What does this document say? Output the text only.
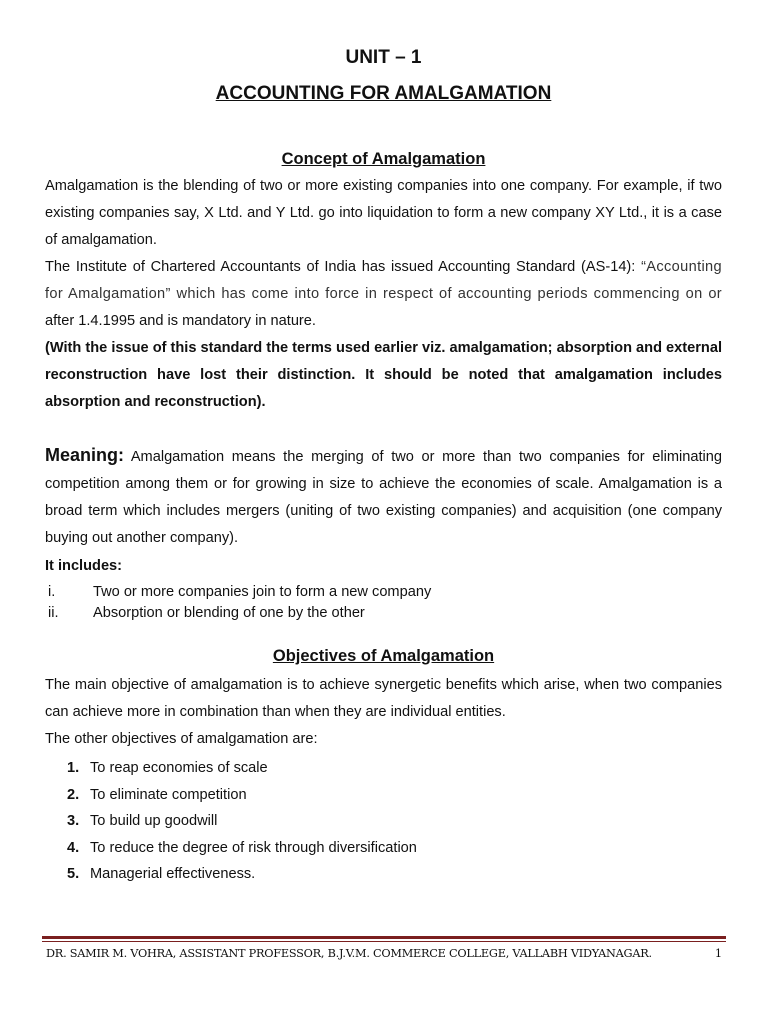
UNIT – 1
ACCOUNTING FOR AMALGAMATION
Concept of Amalgamation

Amalgamation is the blending of two or more existing companies into one company. For example, if two existing companies say, X Ltd. and Y Ltd. go into liquidation to form a new company XY Ltd., it is a case of amalgamation.

The Institute of Chartered Accountants of India has issued Accounting Standard (AS-14): “Accounting for Amalgamation” which has come into force in respect of accounting periods commencing on or after 1.4.1995 and is mandatory in nature.

(With the issue of this standard the terms used earlier viz. amalgamation; absorption and external reconstruction have lost their distinction. It should be noted that amalgamation includes absorption and reconstruction).

Meaning: Amalgamation means the merging of two or more than two companies for eliminating competition among them or for growing in size to achieve the economies of scale. Amalgamation is a broad term which includes mergers (uniting of two existing companies) and acquisition (one company buying out another company).

It includes:

i.	Two or more companies join to form a new company
ii. Absorption or blending of one by the other
Objectives of Amalgamation

The main objective of amalgamation is to achieve synergetic benefits which arise, when two companies can achieve more in combination than when they are individual entities.

The other objectives of amalgamation are:

1. To reap economies of scale
2. To eliminate competition
3. To build up goodwill
4. To reduce the degree of risk through diversification
5. Managerial effectiveness.
DR. SAMIR M. VOHRA, ASSISTANT PROFESSOR, B.J.V.M. COMMERCE COLLEGE, VALLABH VIDYANAGAR.	1
